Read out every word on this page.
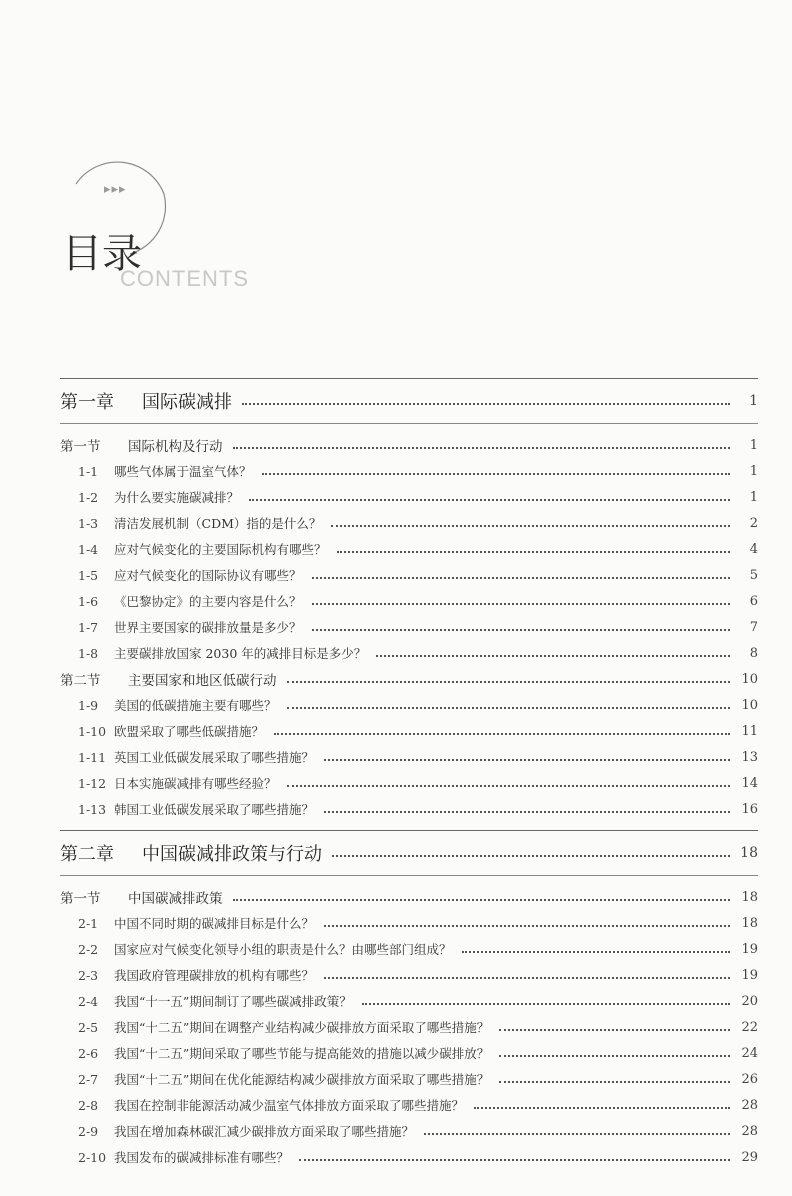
▸▸▸
目录
CONTENTS
第一章	国际碳减排	1
第一节	国际机构及行动	1
1-1	哪些气体属于温室气体？	1
1-2	为什么要实施碳减排？	1
1-3	清洁发展机制（CDM）指的是什么？	2
1-4	应对气候变化的主要国际机构有哪些？	4
1-5	应对气候变化的国际协议有哪些？	5
1-6	《巴黎协定》的主要内容是什么？	6
1-7	世界主要国家的碳排放量是多少？	7
1-8	主要碳排放国家 2030 年的减排目标是多少？	8
第二节	主要国家和地区低碳行动	10
1-9	美国的低碳措施主要有哪些？	10
1-10 欧盟采取了哪些低碳措施？	11
1-11 英国工业低碳发展采取了哪些措施？	13
1-12 日本实施碳减排有哪些经验？	14
1-13 韩国工业低碳发展采取了哪些措施？	16
第二章	中国碳减排政策与行动	18
第一节	中国碳减排政策	18
2-1	中国不同时期的碳减排目标是什么？	18
2-2	国家应对气候变化领导小组的职责是什么？由哪些部门组成？	19
2-3	我国政府管理碳排放的机构有哪些？	19
2-4	我国“十一五”期间制订了哪些碳减排政策？	20
2-5	我国“十二五”期间在调整产业结构减少碳排放方面采取了哪些措施？	22
2-6	我国“十二五”期间采取了哪些节能与提高能效的措施以减少碳排放？	24
2-7	我国“十二五”期间在优化能源结构减少碳排放方面采取了哪些措施？	26
2-8	我国在控制非能源活动减少温室气体排放方面采取了哪些措施？	28
2-9	我国在增加森林碳汇减少碳排放方面采取了哪些措施？	28
2-10 我国发布的碳减排标准有哪些？	29
